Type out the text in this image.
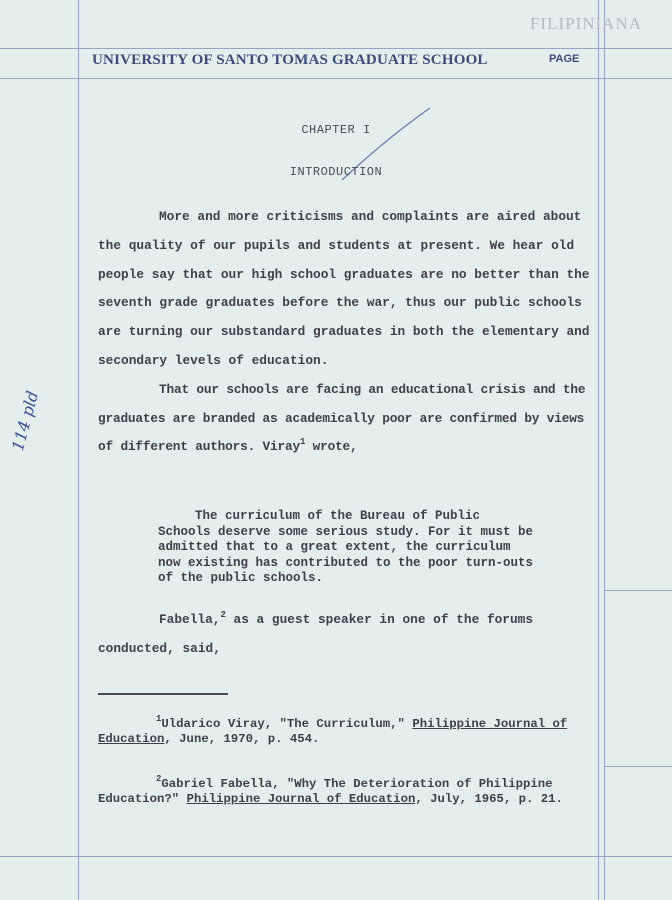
FILIPINIANA
UNIVERSITY OF SANTO TOMAS GRADUATE SCHOOL	PAGE
CHAPTER I
INTRODUCTION

More and more criticisms and complaints are aired about the quality of our pupils and students at present. We hear old people say that our high school graduates are no better than the seventh grade graduates before the war, thus our public schools are turning our substandard graduates in both the elementary and secondary levels of education.

That our schools are facing an educational crisis and the graduates are branded as academically poor are confirmed by views of different authors. Viray$^1$ wrote,

The curriculum of the Bureau of Public Schools deserve some serious study. For it must be admitted that to a great extent, the curriculum now existing has contributed to the poor turn-outs of the public schools.

Fabella,$^2$ as a guest speaker in one of the forums conducted, said,

$^1$Uldarico Viray, "The Curriculum," Philippine Journal of Education, June, 1970, p. 454.

$^2$Gabriel Fabella, "Why The Deterioration of Philippine Education?" Philippine Journal of Education, July, 1965, p. 21.

114 pld
